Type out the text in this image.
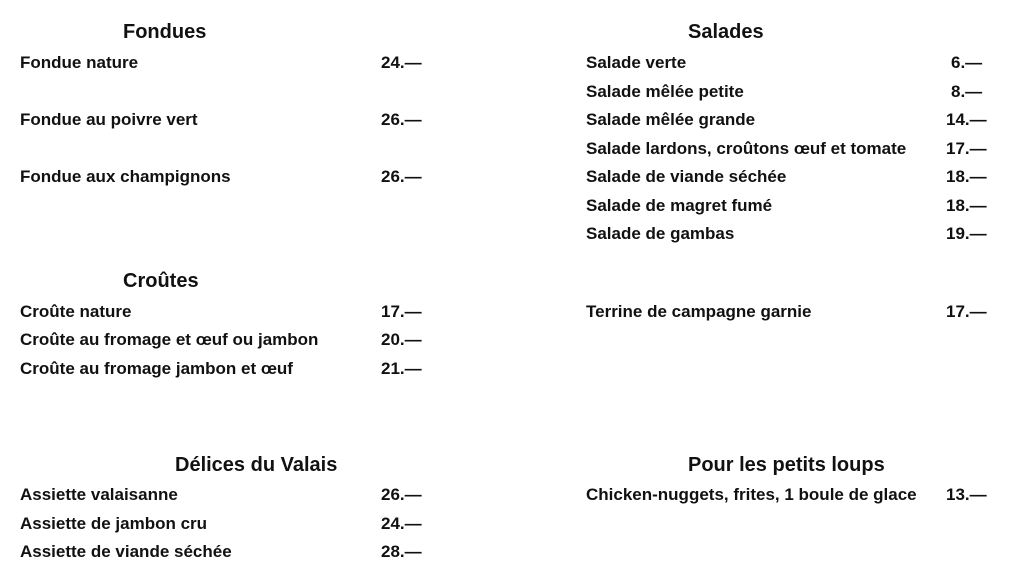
Fondues
Fondue nature	24.—
Fondue au poivre vert	26.—
Fondue aux champignons	26.—
Croûtes
Croûte nature	17.—
Croûte au fromage et œuf ou jambon	20.—
Croûte au fromage jambon et œuf	21.—
Délices du Valais
Assiette valaisanne	26.—
Assiette de jambon cru	24.—
Assiette de viande séchée	28.—
Salades
Salade verte	6.—
Salade mêlée petite	8.—
Salade mêlée grande	14.—
Salade lardons, croûtons œuf et tomate 17.—
Salade de viande séchée	18.—
Salade de magret fumé	18.—
Salade de gambas	19.—
Terrine de campagne garnie	17.—
Pour les petits loups
Chicken-nuggets, frites, 1 boule de glace 13.—
